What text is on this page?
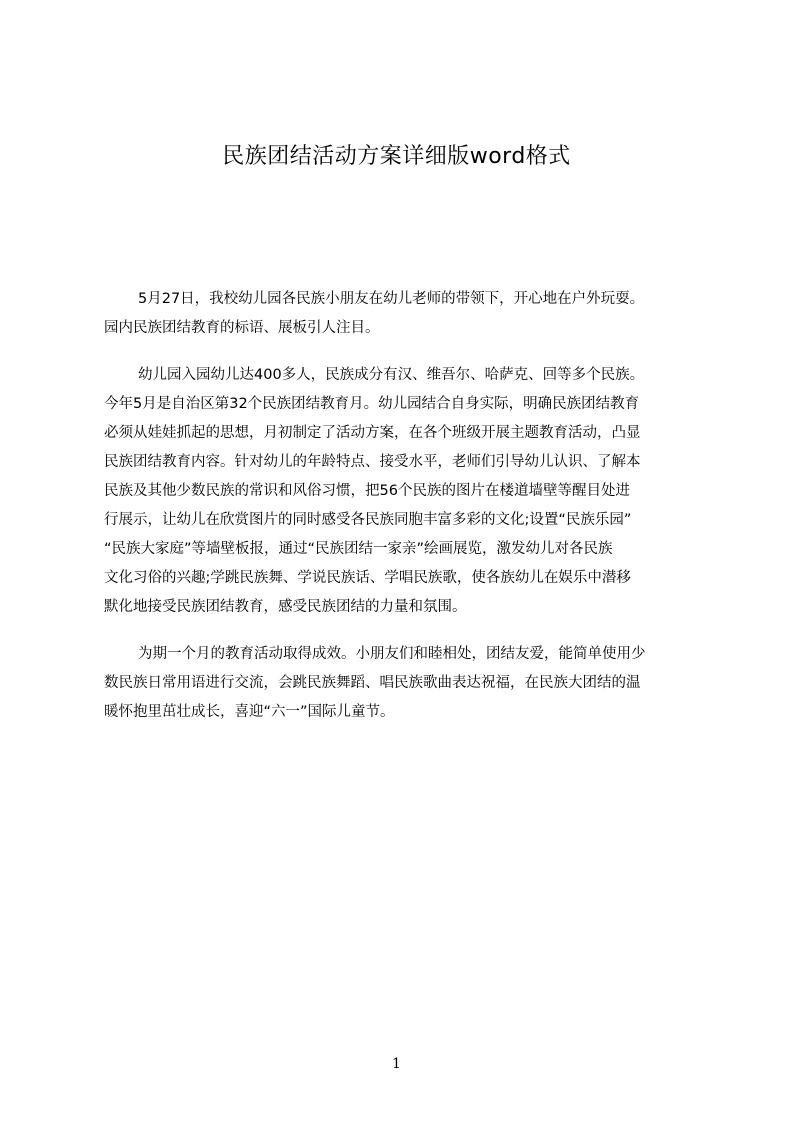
民族团结活动方案详细版word格式

5月27日，我校幼儿园各民族小朋友在幼儿老师的带领下，开心地在户外玩耍。
园内民族团结教育的标语、展板引人注目。

幼儿园入园幼儿达400多人，民族成分有汉、维吾尔、哈萨克、回等多个民族。
今年5月是自治区第32个民族团结教育月。幼儿园结合自身实际，明确民族团结教育
必须从娃娃抓起的思想，月初制定了活动方案，在各个班级开展主题教育活动，凸显
民族团结教育内容。针对幼儿的年龄特点、接受水平，老师们引导幼儿认识、了解本
民族及其他少数民族的常识和风俗习惯，把56个民族的图片在楼道墙壁等醒目处进
行展示，让幼儿在欣赏图片的同时感受各民族同胞丰富多彩的文化;设置“民族乐园”
“民族大家庭”等墙壁板报，通过“民族团结一家亲”绘画展览，激发幼儿对各民族
文化习俗的兴趣;学跳民族舞、学说民族话、学唱民族歌，使各族幼儿在娱乐中潜移
默化地接受民族团结教育，感受民族团结的力量和氛围。

为期一个月的教育活动取得成效。小朋友们和睦相处，团结友爱，能简单使用少
数民族日常用语进行交流，会跳民族舞蹈、唱民族歌曲表达祝福，在民族大团结的温
暖怀抱里茁壮成长，喜迎“六一”国际儿童节。

1
